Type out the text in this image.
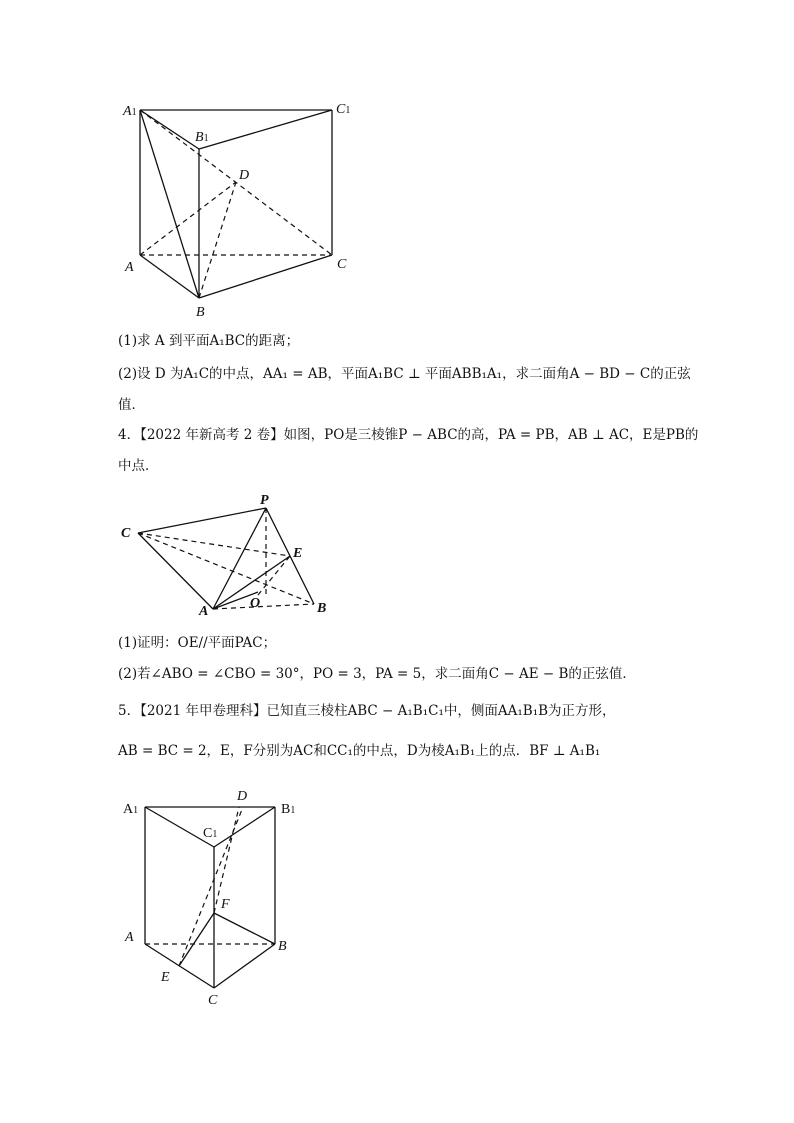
A1	C1
B1
D
A	C
B
(1)求 A 到平面A₁BC的距离；
(2)设 D 为A₁C的中点，AA₁ = AB，平面A₁BC ⊥ 平面ABB₁A₁，求二面角A − BD − C的正弦
值．
4．【2022 年新高考 2 卷】如图，PO是三棱锥P − ABC的高，PA = PB，AB ⊥ AC，E是PB的
中点．
P
C
E
A
O	B
(1)证明：OE//平面PAC；
(2)若∠ABO = ∠CBO = 30°，PO = 3，PA = 5，求二面角C − AE − B的正弦值．
5．【2021 年甲卷理科】已知直三棱柱ABC − A₁B₁C₁中，侧面AA₁B₁B为正方形，
AB = BC = 2，E，F分别为AC和CC₁的中点，D为棱A₁B₁上的点．BF ⊥ A₁B₁
A1	B1
C1
D
F
A
B
E
C
